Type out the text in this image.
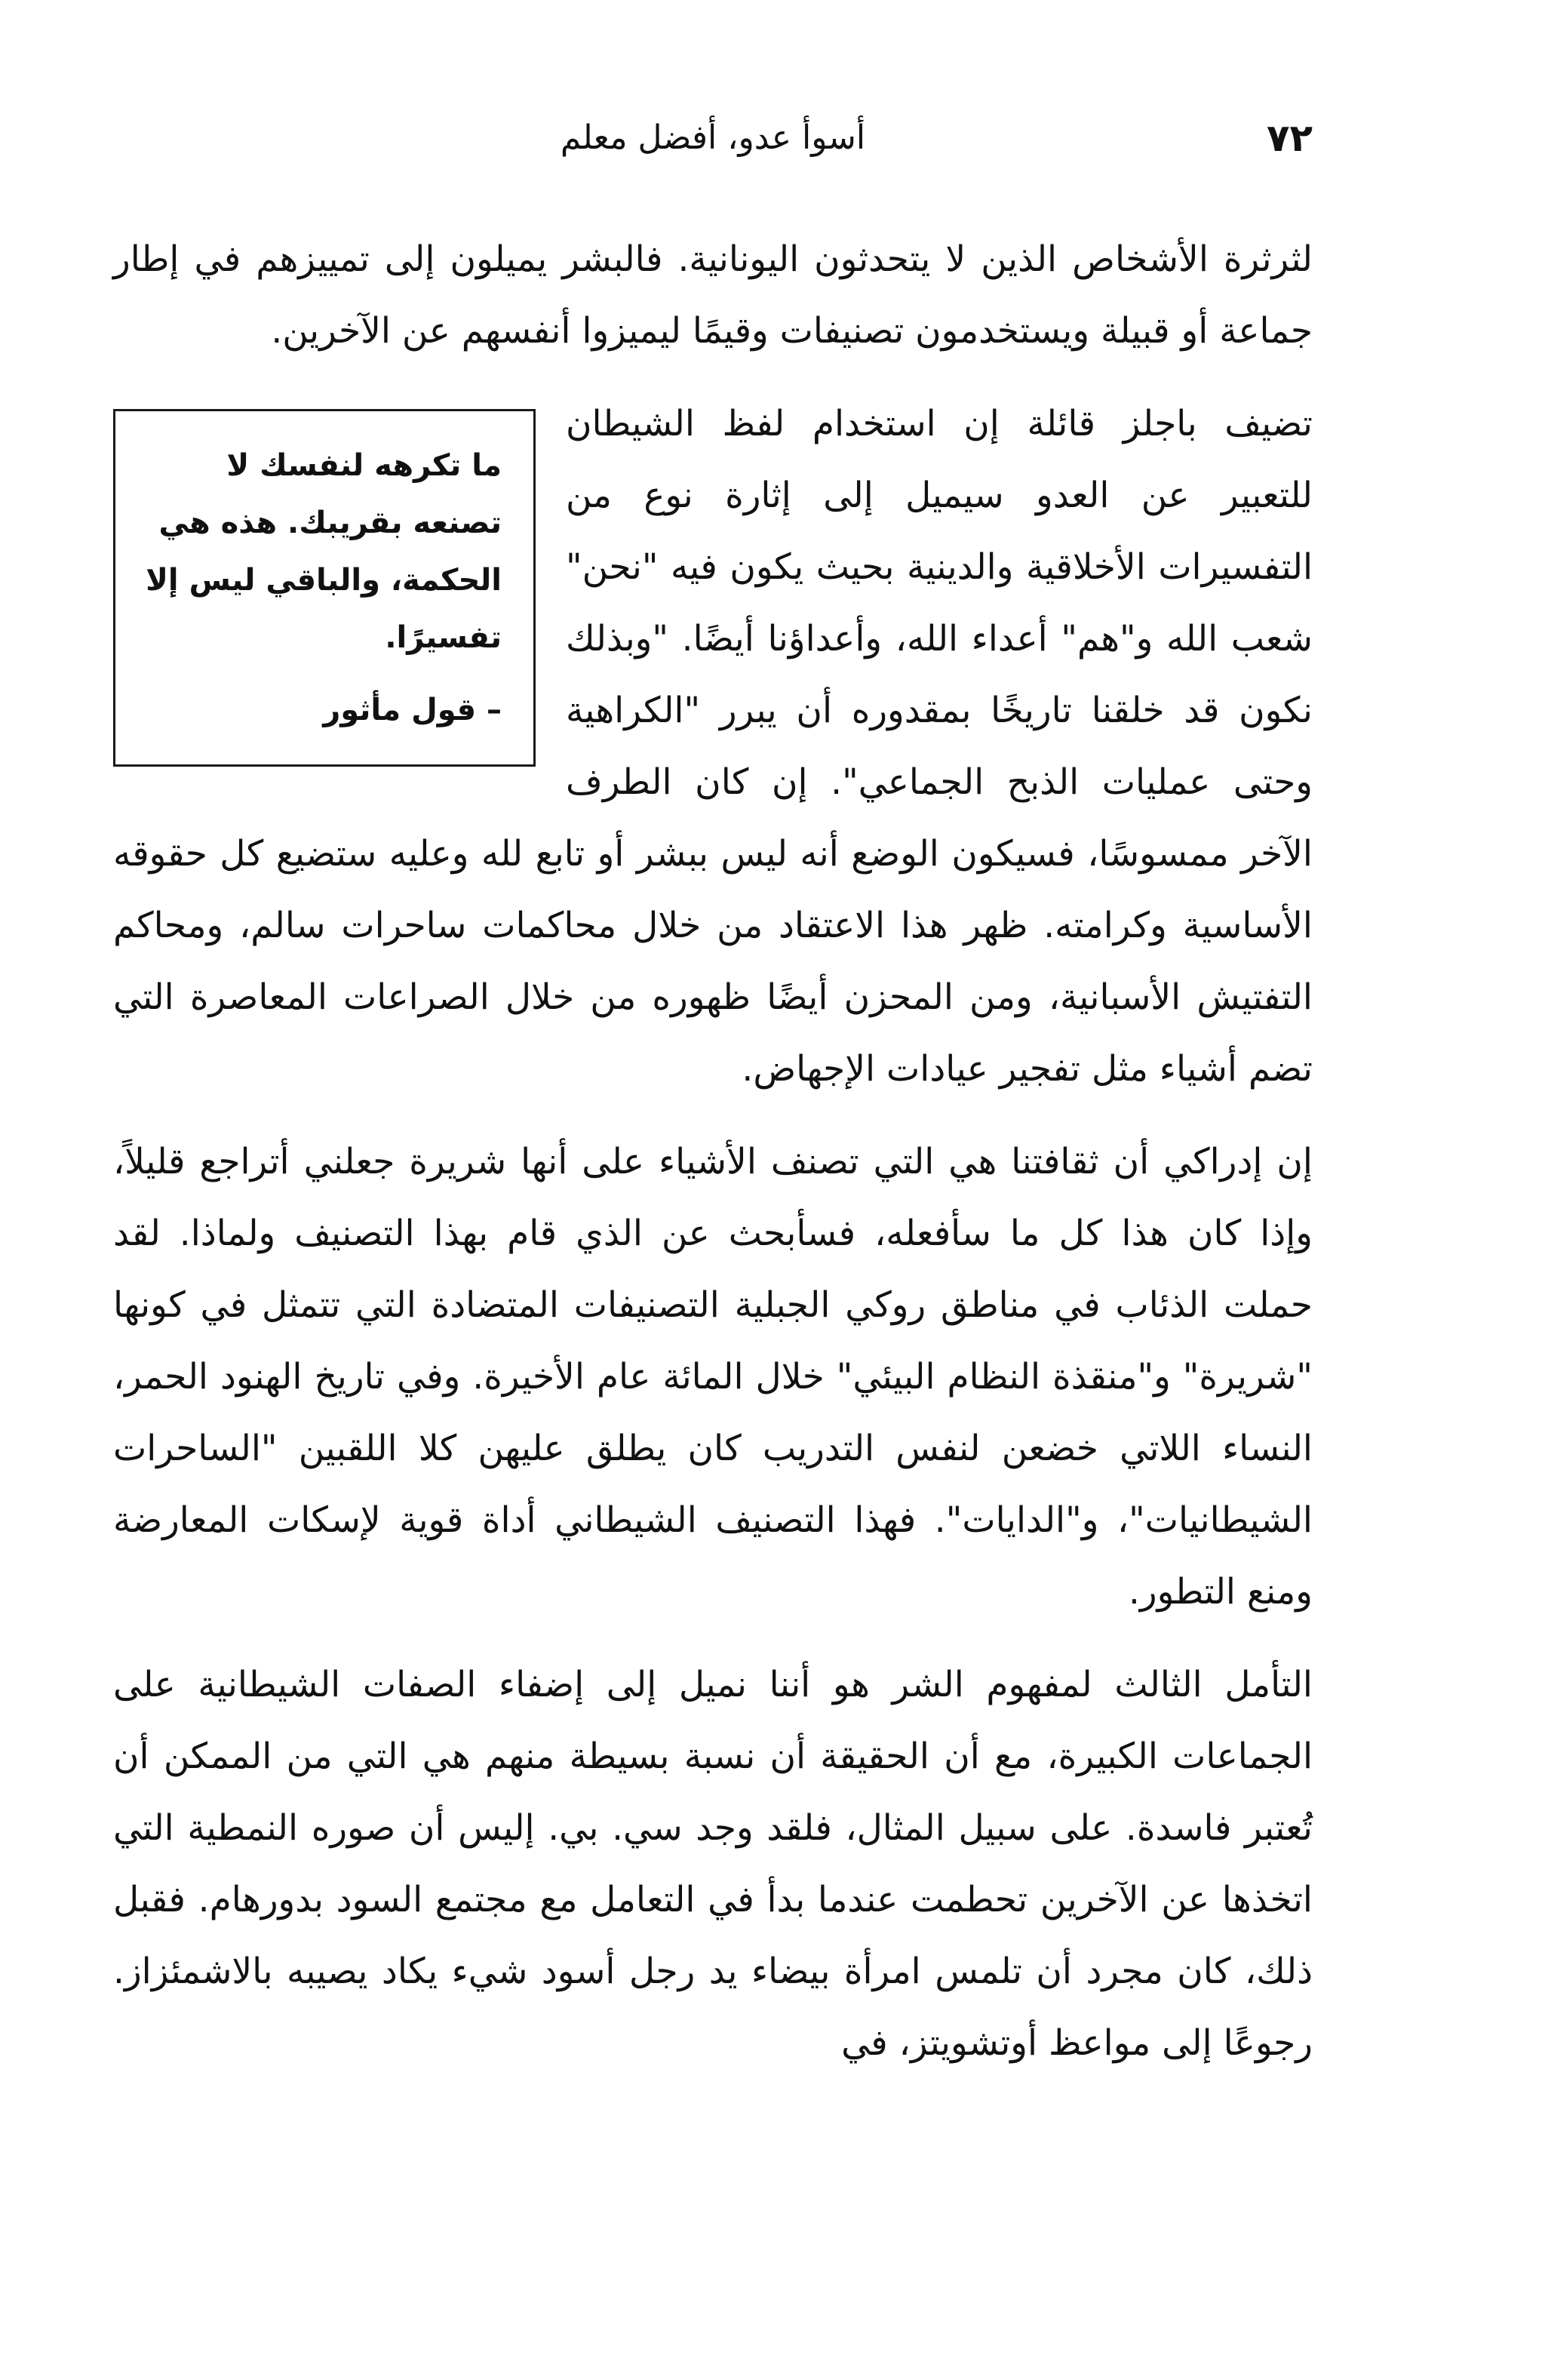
٧٢
أسوأ عدو، أفضل معلم

لثرثرة الأشخاص الذين لا يتحدثون اليونانية. فالبشر يميلون إلى تمييزهم في إطار جماعة أو قبيلة ويستخدمون تصنيفات وقيمًا ليميزوا أنفسهم عن الآخرين.

ما تكرهه لنفسك لا تصنعه بقريبك. هذه هي الحكمة، والباقي ليس إلا تفسيرًا.
– قول مأثور

تضيف باجلز قائلة إن استخدام لفظ الشيطان للتعبير عن العدو سيميل إلى إثارة نوع من التفسيرات الأخلاقية والدينية بحيث يكون فيه "نحن" شعب الله و"هم" أعداء الله، وأعداؤنا أيضًا. "وبذلك نكون قد خلقنا تاريخًا بمقدوره أن يبرر "الكراهية وحتى عمليات الذبح الجماعي". إن كان الطرف الآخر ممسوسًا، فسيكون الوضع أنه ليس ببشر أو تابع لله وعليه ستضيع كل حقوقه الأساسية وكرامته. ظهر هذا الاعتقاد من خلال محاكمات ساحرات سالم، ومحاكم التفتيش الأسبانية، ومن المحزن أيضًا ظهوره من خلال الصراعات المعاصرة التي تضم أشياء مثل تفجير عيادات الإجهاض.

إن إدراكي أن ثقافتنا هي التي تصنف الأشياء على أنها شريرة جعلني أتراجع قليلاً، وإذا كان هذا كل ما سأفعله، فسأبحث عن الذي قام بهذا التصنيف ولماذا. لقد حملت الذئاب في مناطق روكي الجبلية التصنيفات المتضادة التي تتمثل في كونها "شريرة" و"منقذة النظام البيئي" خلال المائة عام الأخيرة. وفي تاريخ الهنود الحمر، النساء اللاتي خضعن لنفس التدريب كان يطلق عليهن كلا اللقبين "الساحرات الشيطانيات"، و"الدايات". فهذا التصنيف الشيطاني أداة قوية لإسكات المعارضة ومنع التطور.

التأمل الثالث لمفهوم الشر هو أننا نميل إلى إضفاء الصفات الشيطانية على الجماعات الكبيرة، مع أن الحقيقة أن نسبة بسيطة منهم هي التي من الممكن أن تُعتبر فاسدة. على سبيل المثال، فلقد وجد سي. بي. إليس أن صوره النمطية التي اتخذها عن الآخرين تحطمت عندما بدأ في التعامل مع مجتمع السود بدورهام. فقبل ذلك، كان مجرد أن تلمس امرأة بيضاء يد رجل أسود شيء يكاد يصيبه بالاشمئزاز. رجوعًا إلى مواعظ أوتشويتز، في
